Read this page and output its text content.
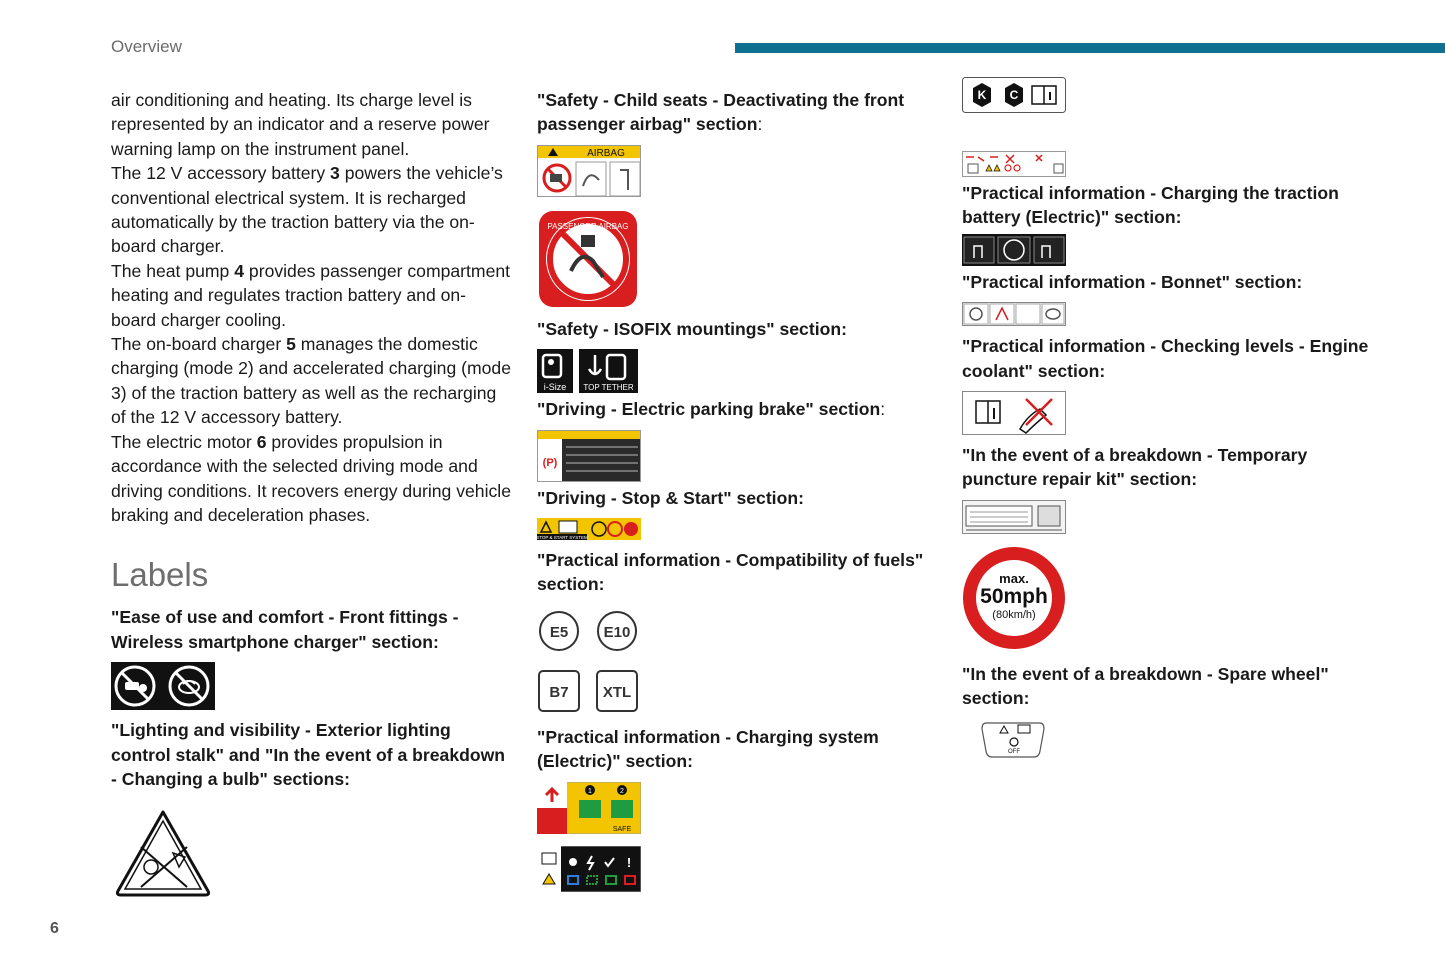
Overview
6

air conditioning and heating. Its charge level is represented by an indicator and a reserve power warning lamp on the instrument panel.

The 12 V accessory battery 3 powers the vehicle’s conventional electrical system. It is recharged automatically by the traction battery via the on-board charger.

The heat pump 4 provides passenger compartment heating and regulates traction battery and on-board charger cooling.

The on-board charger 5 manages the domestic charging (mode 2) and accelerated charging (mode 3) of the traction battery as well as the recharging of the 12 V accessory battery.

The electric motor 6 provides propulsion in accordance with the selected driving mode and driving conditions. It recovers energy during vehicle braking and deceleration phases.

Labels

"Ease of use and comfort - Front fittings - Wireless smartphone charger" section:

"Lighting and visibility - Exterior lighting control stalk" and "In the event of a breakdown - Changing a bulb" sections:

"Safety - Child seats - Deactivating the front passenger airbag" section:

AIRBAG
PASSENGER AIRBAG

"Safety - ISOFIX mountings" section:

i-Size TOP TETHER

"Driving - Electric parking brake" section:

(P)

"Driving - Stop & Start" section:

STOP & START SYSTEM

"Practical information - Compatibility of fuels" section:

E5 E10
B7 XTL

"Practical information - Charging system (Electric)" section:

1	2
SAFE
!
K C

"Practical information - Charging the traction battery (Electric)" section:

"Practical information - Bonnet" section:

"Practical information - Checking levels - Engine coolant" section:

"In the event of a breakdown - Temporary puncture repair kit" section:

max.
50mph
(80km/h)

"In the event of a breakdown - Spare wheel" section:

OFF
